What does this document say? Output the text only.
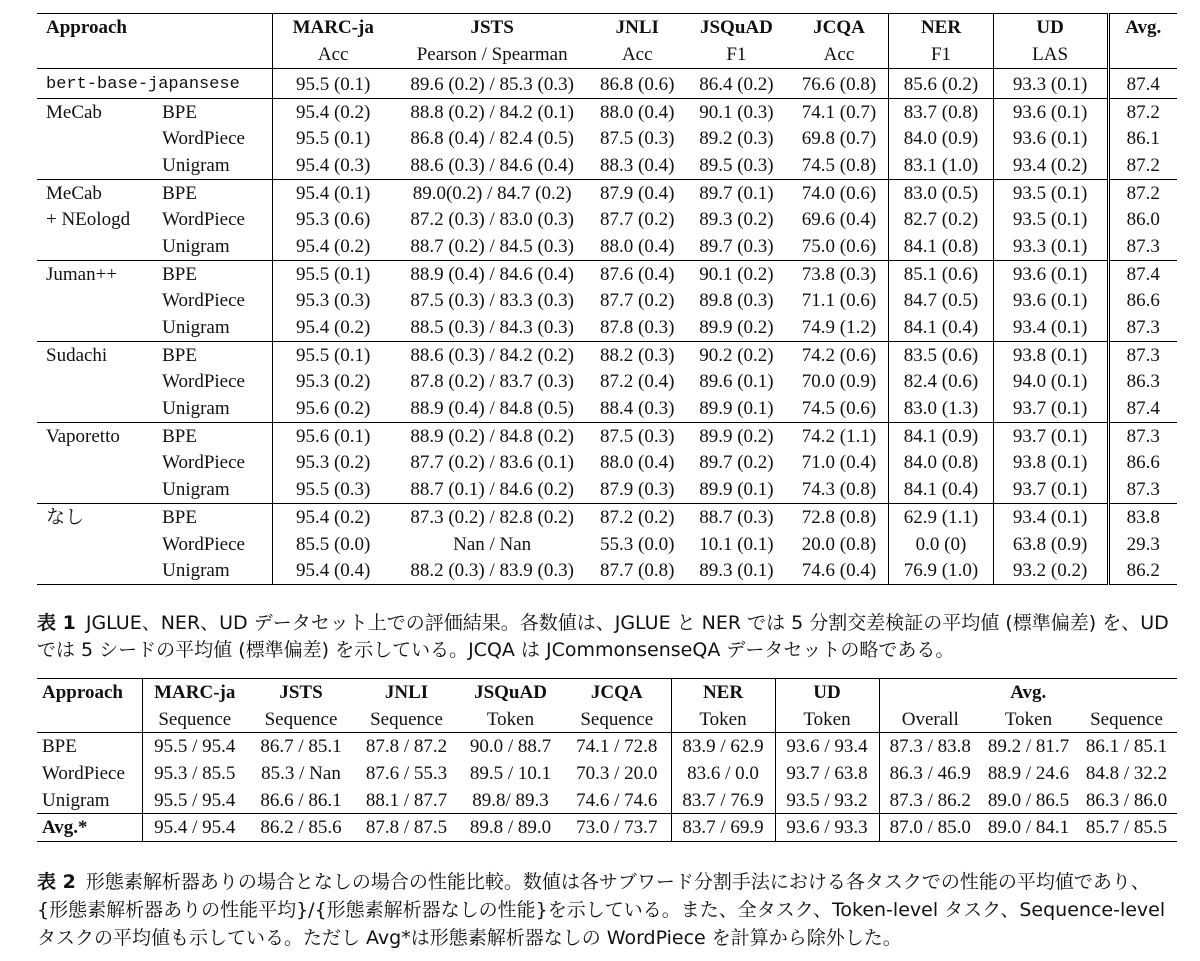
Approach		MARC-ja	JSTS	JNLI	JSQuAD	JCQA	NER	UD	Avg.
		Acc	Pearson / Spearman	Acc	F1	Acc	F1	LAS	
bert-base-japansese		95.5 (0.1)	89.6 (0.2) / 85.3 (0.3)	86.8 (0.6)	86.4 (0.2)	76.6 (0.8)	85.6 (0.2)	93.3 (0.1)	87.4
MeCab	BPE	95.4 (0.2)	88.8 (0.2) / 84.2 (0.1)	88.0 (0.4)	90.1 (0.3)	74.1 (0.7)	83.7 (0.8)	93.6 (0.1)	87.2
	WordPiece	95.5 (0.1)	86.8 (0.4) / 82.4 (0.5)	87.5 (0.3)	89.2 (0.3)	69.8 (0.7)	84.0 (0.9)	93.6 (0.1)	86.1
	Unigram	95.4 (0.3)	88.6 (0.3) / 84.6 (0.4)	88.3 (0.4)	89.5 (0.3)	74.5 (0.8)	83.1 (1.0)	93.4 (0.2)	87.2
MeCab	BPE	95.4 (0.1)	89.0(0.2) / 84.7 (0.2)	87.9 (0.4)	89.7 (0.1)	74.0 (0.6)	83.0 (0.5)	93.5 (0.1)	87.2
+ NEologd	WordPiece	95.3 (0.6)	87.2 (0.3) / 83.0 (0.3)	87.7 (0.2)	89.3 (0.2)	69.6 (0.4)	82.7 (0.2)	93.5 (0.1)	86.0
	Unigram	95.4 (0.2)	88.7 (0.2) / 84.5 (0.3)	88.0 (0.4)	89.7 (0.3)	75.0 (0.6)	84.1 (0.8)	93.3 (0.1)	87.3
Juman++	BPE	95.5 (0.1)	88.9 (0.4) / 84.6 (0.4)	87.6 (0.4)	90.1 (0.2)	73.8 (0.3)	85.1 (0.6)	93.6 (0.1)	87.4
	WordPiece	95.3 (0.3)	87.5 (0.3) / 83.3 (0.3)	87.7 (0.2)	89.8 (0.3)	71.1 (0.6)	84.7 (0.5)	93.6 (0.1)	86.6
	Unigram	95.4 (0.2)	88.5 (0.3) / 84.3 (0.3)	87.8 (0.3)	89.9 (0.2)	74.9 (1.2)	84.1 (0.4)	93.4 (0.1)	87.3
Sudachi	BPE	95.5 (0.1)	88.6 (0.3) / 84.2 (0.2)	88.2 (0.3)	90.2 (0.2)	74.2 (0.6)	83.5 (0.6)	93.8 (0.1)	87.3
	WordPiece	95.3 (0.2)	87.8 (0.2) / 83.7 (0.3)	87.2 (0.4)	89.6 (0.1)	70.0 (0.9)	82.4 (0.6)	94.0 (0.1)	86.3
	Unigram	95.6 (0.2)	88.9 (0.4) / 84.8 (0.5)	88.4 (0.3)	89.9 (0.1)	74.5 (0.6)	83.0 (1.3)	93.7 (0.1)	87.4
Vaporetto	BPE	95.6 (0.1)	88.9 (0.2) / 84.8 (0.2)	87.5 (0.3)	89.9 (0.2)	74.2 (1.1)	84.1 (0.9)	93.7 (0.1)	87.3
	WordPiece	95.3 (0.2)	87.7 (0.2) / 83.6 (0.1)	88.0 (0.4)	89.7 (0.2)	71.0 (0.4)	84.0 (0.8)	93.8 (0.1)	86.6
	Unigram	95.5 (0.3)	88.7 (0.1) / 84.6 (0.2)	87.9 (0.3)	89.9 (0.1)	74.3 (0.8)	84.1 (0.4)	93.7 (0.1)	87.3
なし	BPE	95.4 (0.2)	87.3 (0.2) / 82.8 (0.2)	87.2 (0.2)	88.7 (0.3)	72.8 (0.8)	62.9 (1.1)	93.4 (0.1)	83.8
	WordPiece	85.5 (0.0)	Nan / Nan	55.3 (0.0)	10.1 (0.1)	20.0 (0.8)	0.0 (0)	63.8 (0.9)	29.3
	Unigram	95.4 (0.4)	88.2 (0.3) / 83.9 (0.3)	87.7 (0.8)	89.3 (0.1)	74.6 (0.4)	76.9 (1.0)	93.2 (0.2)	86.2
表 1 JGLUE、NER、UD データセット上での評価結果。各数値は、JGLUE と NER では 5 分割交差検証の平均値 (標準偏差) を、UD では 5 シードの平均値 (標準偏差) を示している。JCQA は JCommonsenseQA データセットの略である。
Approach	MARC-ja	JSTS	JNLI	JSQuAD	JCQA	NER	UD	Avg.		
	Sequence	Sequence	Sequence	Token	Sequence	Token	Token	Overall	Token	Sequence
BPE	95.5 / 95.4	86.7 / 85.1	87.8 / 87.2	90.0 / 88.7	74.1 / 72.8	83.9 / 62.9	93.6 / 93.4	87.3 / 83.8	89.2 / 81.7	86.1 / 85.1
WordPiece	95.3 / 85.5	85.3 / Nan	87.6 / 55.3	89.5 / 10.1	70.3 / 20.0	83.6 / 0.0	93.7 / 63.8	86.3 / 46.9	88.9 / 24.6	84.8 / 32.2
Unigram	95.5 / 95.4	86.6 / 86.1	88.1 / 87.7	89.8/ 89.3	74.6 / 74.6	83.7 / 76.9	93.5 / 93.2	87.3 / 86.2	89.0 / 86.5	86.3 / 86.0
Avg.*	95.4 / 95.4	86.2 / 85.6	87.8 / 87.5	89.8 / 89.0	73.0 / 73.7	83.7 / 69.9	93.6 / 93.3	87.0 / 85.0	89.0 / 84.1	85.7 / 85.5
表 2 形態素解析器ありの場合となしの場合の性能比較。数値は各サブワード分割手法における各タスクでの性能の平均値であり、{形態素解析器ありの性能平均}/{形態素解析器なしの性能}を示している。また、全タスク、Token-level タスク、Sequence-level タスクの平均値も示している。ただし Avg*は形態素解析器なしの WordPiece を計算から除外した。
